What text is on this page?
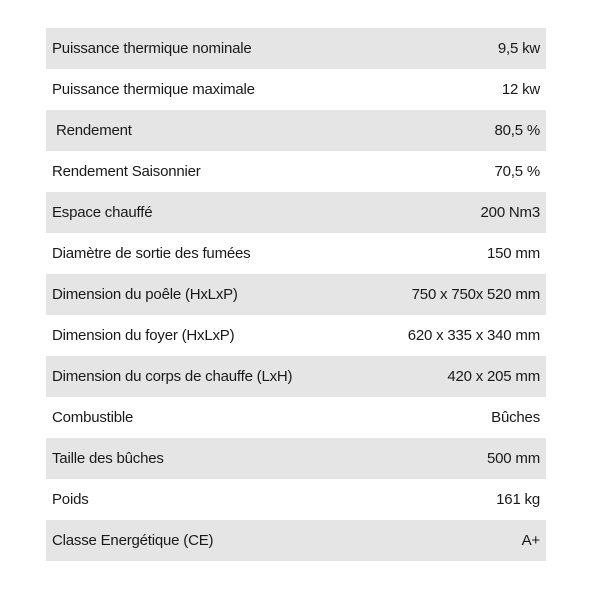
Puissance thermique nominale	9,5 kw
Puissance thermique maximale	12 kw
Rendement	80,5 %
Rendement Saisonnier	70,5 %
Espace chauffé	200 Nm3
Diamètre de sortie des fumées	150 mm
Dimension du poêle (HxLxP)	750 x 750x 520 mm
Dimension du foyer (HxLxP)	620 x 335 x 340 mm
Dimension du corps de chauffe (LxH)	420 x 205 mm
Combustible	Bûches
Taille des bûches	500 mm
Poids	161 kg
Classe Energétique (CE)	A+
